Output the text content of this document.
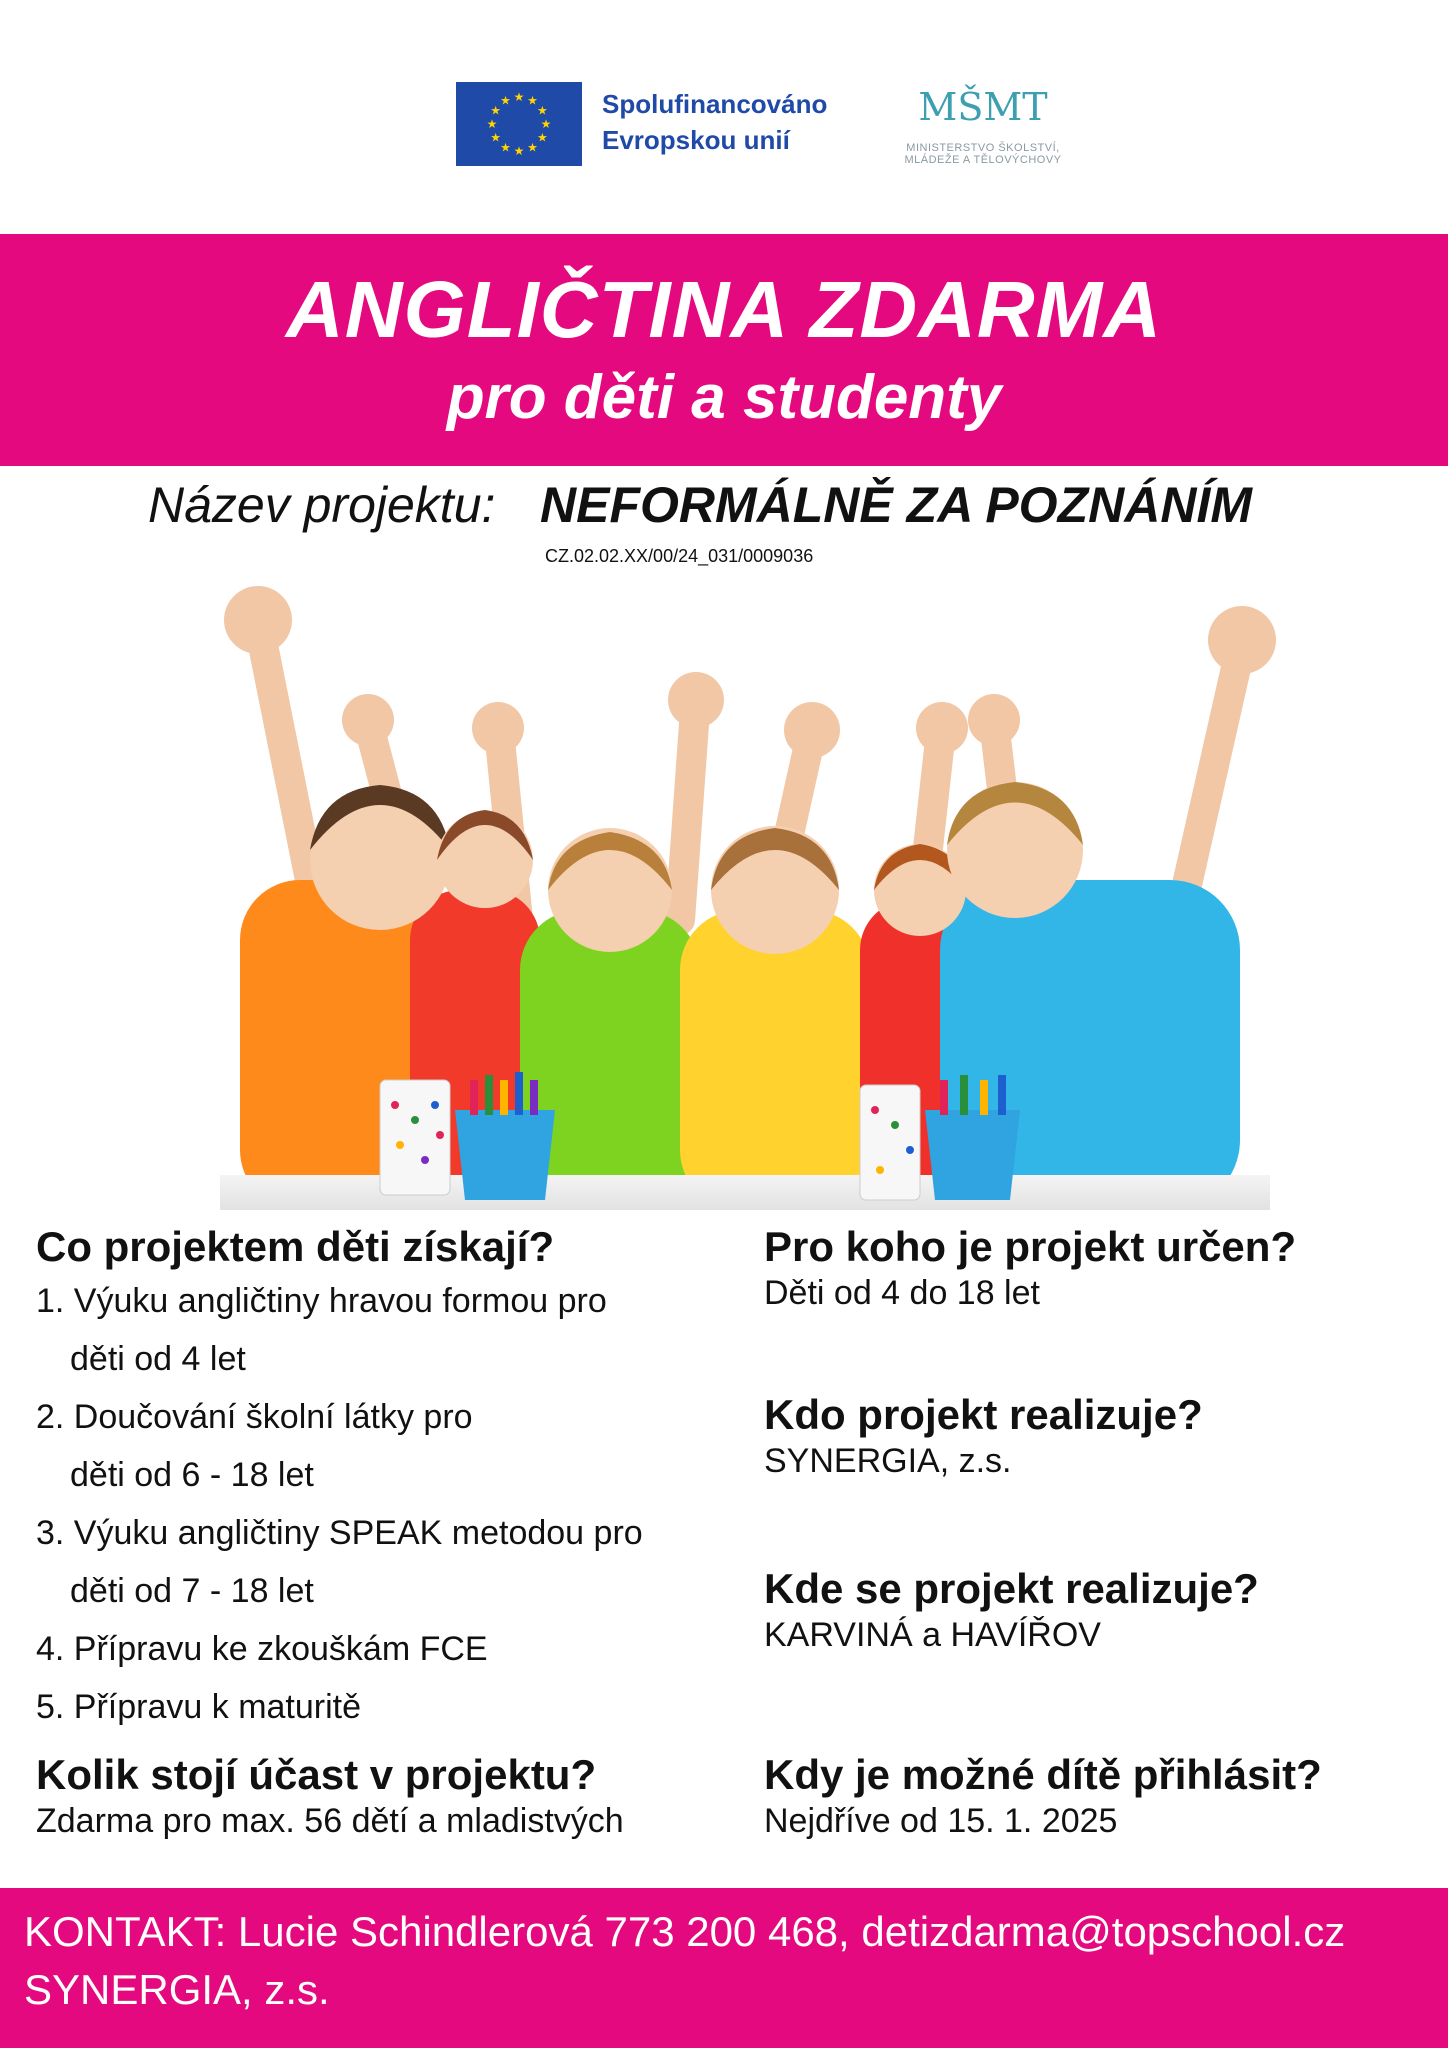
★
★
★
★
★
★
★
★
★ ★ ★
★ Spolufinancováno
Evropskou unií
MŠMT
MINISTERSTVO ŠKOLSTVÍ,
MLÁDEŽE A TĚLOVÝCHOVY
ANGLIČTINA ZDARMA
pro děti a studenty
Název projektu: NEFORMÁLNĚ ZA POZNÁNÍM
CZ.02.02.XX/00/24_031/0009036
Co projektem děti získají?

1. Výuku angličtiny hravou formou pro
děti od 4 let

2. Doučování školní látky pro
děti od 6 - 18 let

3. Výuku angličtiny SPEAK metodou pro
děti od 7 - 18 let

4. Přípravu ke zkouškám FCE

5. Přípravu k maturitě

Pro koho je projekt určen?

Děti od 4 do 18 let

Kdo projekt realizuje?

SYNERGIA, z.s.

Kde se projekt realizuje?

KARVINÁ a HAVÍŘOV

Kolik stojí účast v projektu?

Zdarma pro max. 56 dětí a mladistvých

Kdy je možné dítě přihlásit?

Nejdříve od 15. 1. 2025

KONTAKT: Lucie Schindlerová 773 200 468, detizdarma@topschool.cz
SYNERGIA, z.s.
